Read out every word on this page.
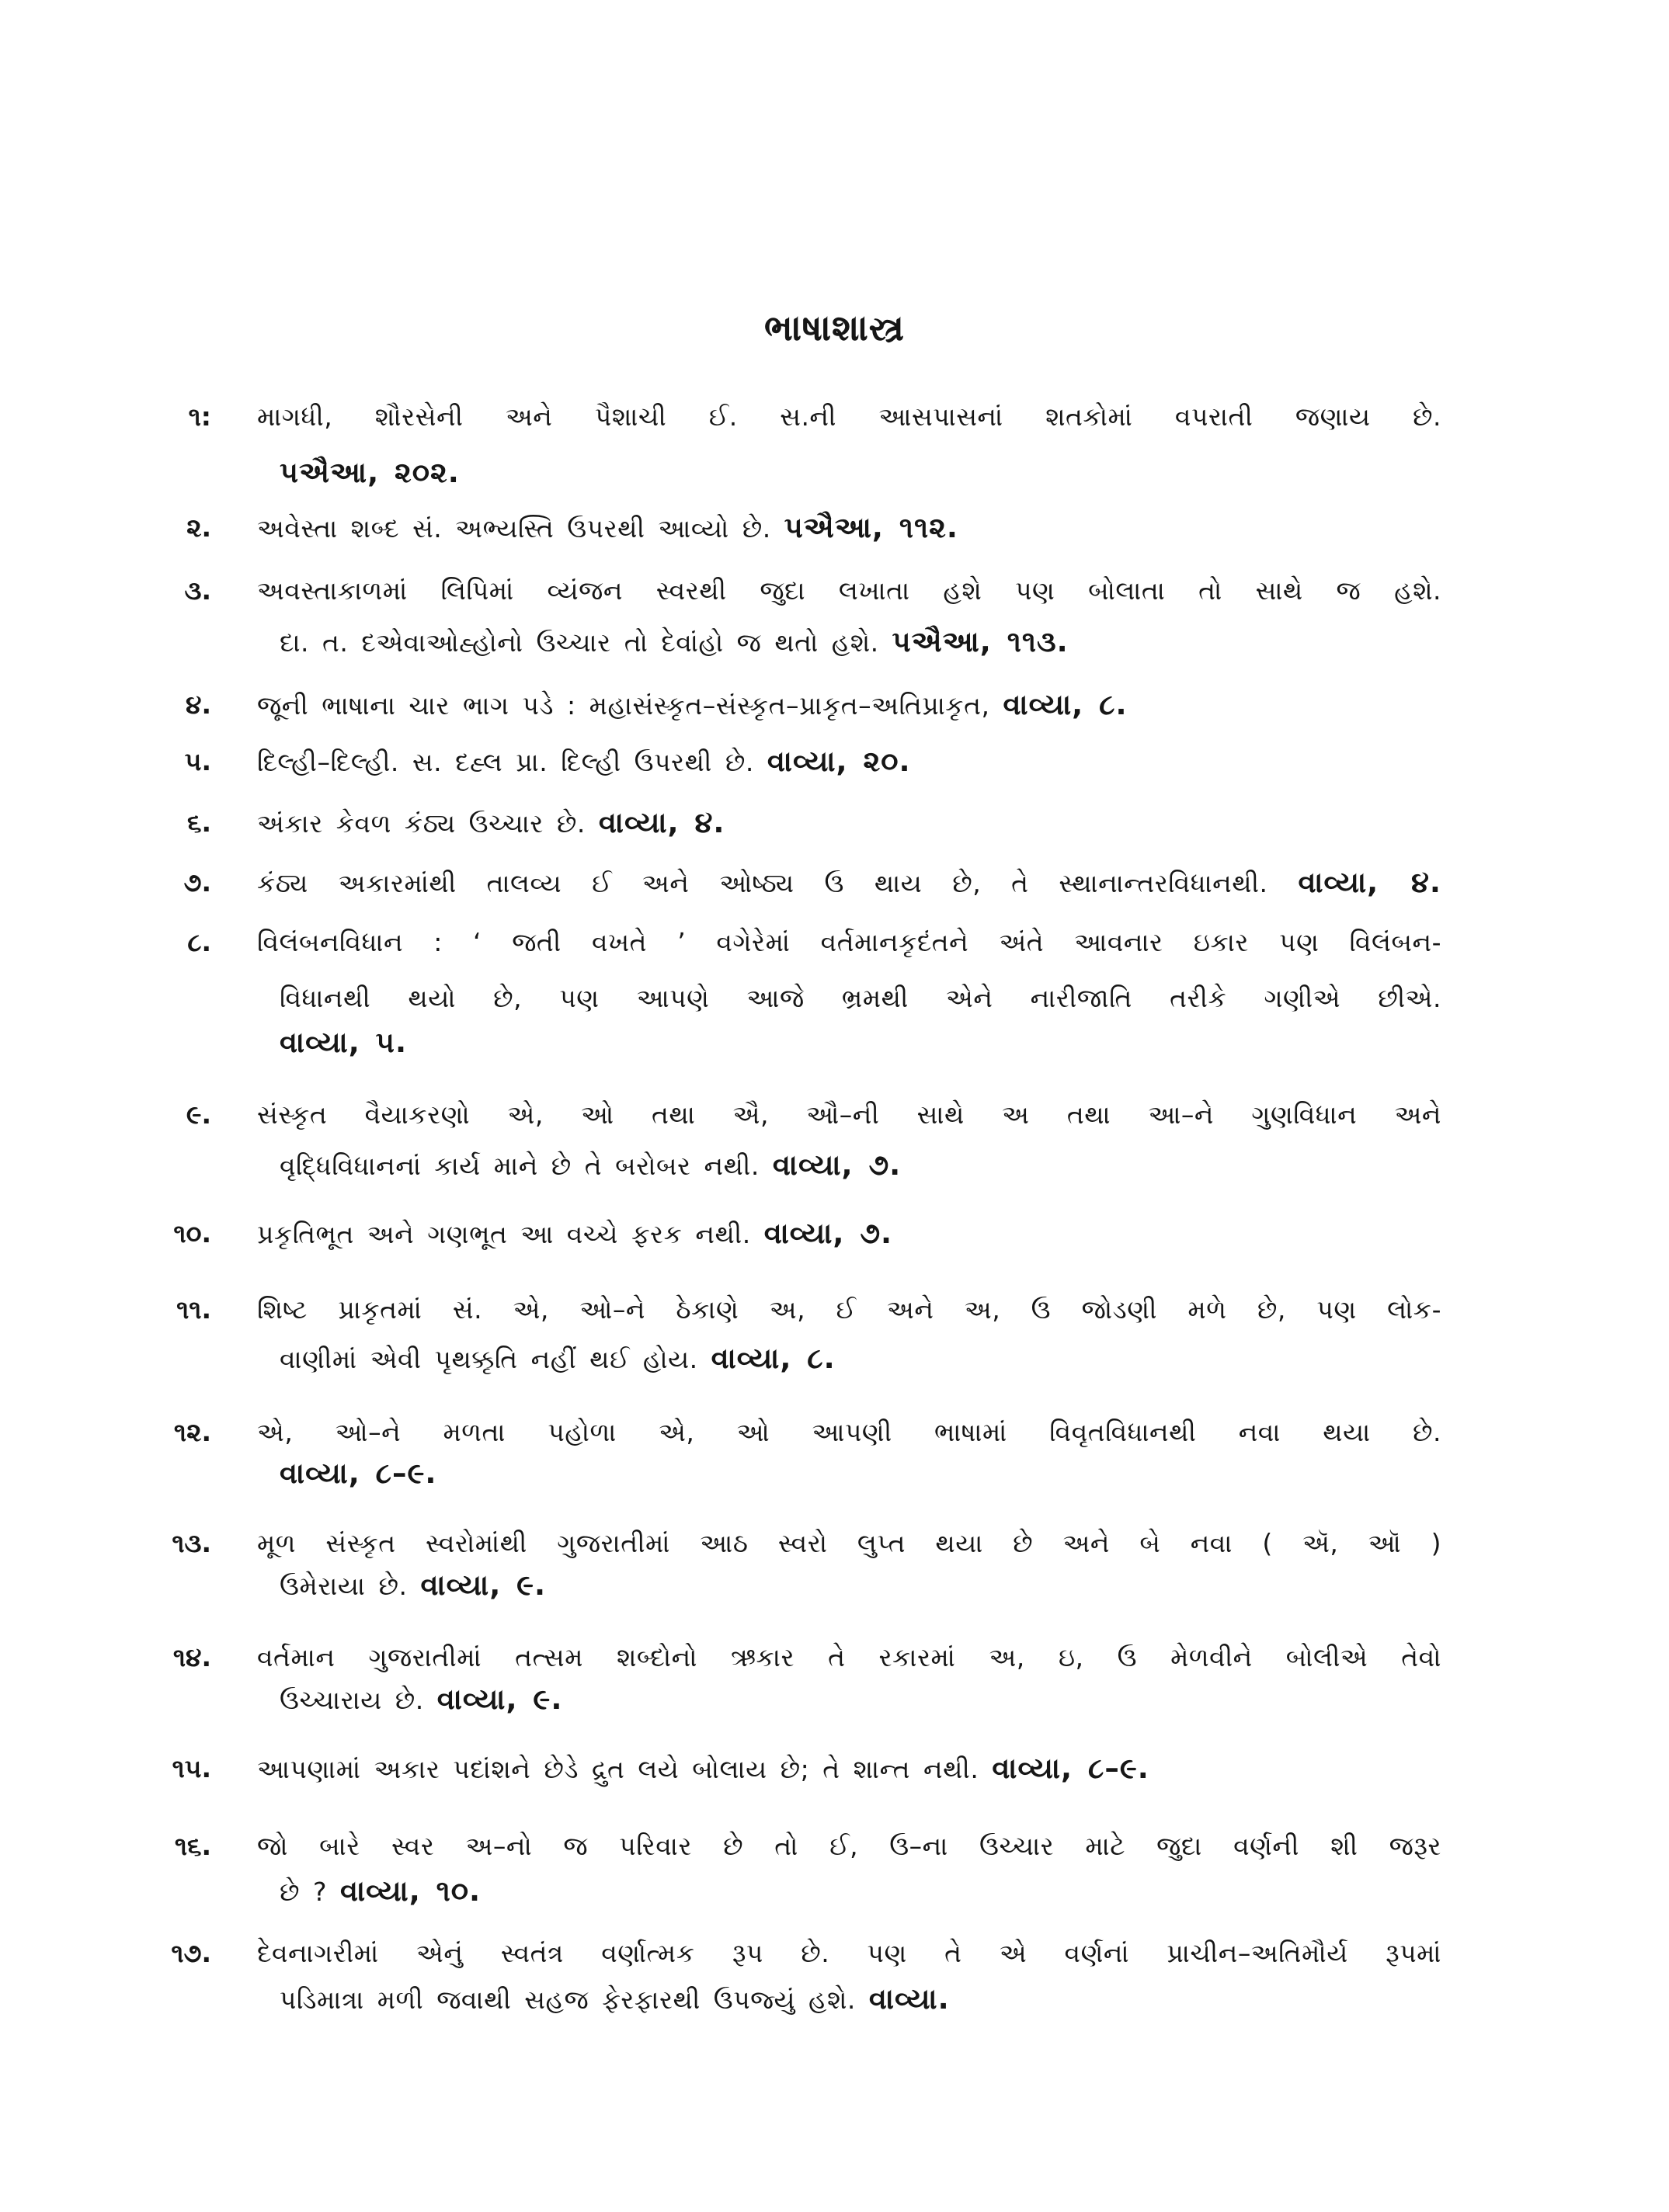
ભાષાશાસ્ત્ર
૧: માગધી, શૌરસેની અને પૈશાચી ઈ. સ.ની આસપાસનાં શતકોમાં વપરાતી જણાય છે.
પઐઆ, ૨૦૨.
૨. અવેસ્તા શબ્દ સં. અભ્યસ્તિ ઉપરથી આવ્યો છે. પઐઆ, ૧૧૨.
૩. અવસ્તાકાળમાં લિપિમાં વ્યંજન સ્વરથી જુદા લખાતા હશે પણ બોલાતા તો સાથે જ હશે.
દા. ત. દએવાઓહ્હોનો ઉચ્ચાર તો દેવાંહો જ થતો હશે. પઐઆ, ૧૧૩.
૪. જૂની ભાષાના ચાર ભાગ પડે : મહાસંસ્કૃત–સંસ્કૃત–પ્રાકૃત–અતિપ્રાકૃત, વાવ્યા, ૮.
૫. દિલ્હી–દિલ્હી. સ. દહ્લ પ્રા. દિલ્હી ઉપરથી છે. વાવ્યા, ૨૦.
૬. અંકાર કેવળ કંઠ્ય ઉચ્ચાર છે. વાવ્યા, ૪.
૭. કંઠ્ય અકારમાંથી તાલવ્ય ઈ અને ઓષ્ઠ્ય ઉ થાય છે, તે સ્થાનાન્તરવિધાનથી. વાવ્યા, ૪.
૮. વિલંબનવિધાન : ‘ જતી વખતે ’ વગેરેમાં વર્તમાનકૃદંતને અંતે આવનાર ઇકાર પણ વિલંબન-
વિધાનથી થયો છે, પણ આપણે આજે ભ્રમથી એને નારીજાતિ તરીકે ગણીએ છીએ.
વાવ્યા, ૫.
૯. સંસ્કૃત વૈયાકરણો એ, ઓ તથા ઐ, ઔ–ની સાથે અ તથા આ–ને ગુણવિધાન અને
વૃદ્ધિવિધાનનાં કાર્ય માને છે તે બરોબર નથી. વાવ્યા, ૭.
૧૦. પ્રકૃતિભૂત અને ગણભૂત આ વચ્ચે ફરક નથી. વાવ્યા, ૭.
૧૧. શિષ્ટ પ્રાકૃતમાં સં. એ, ઓ–ને ઠેકાણે અ, ઈ અને અ, ઉ જોડણી મળે છે, પણ લોક-
વાણીમાં એવી પૃથક્કૃતિ નહીં થઈ હોય. વાવ્યા, ૮.
૧૨. એ, ઓ–ને મળતા પહોળા એ, ઓ આપણી ભાષામાં વિવૃતવિધાનથી નવા થયા છે.
વાવ્યા, ૮–૯.
૧૩. મૂળ સંસ્કૃત સ્વરોમાંથી ગુજરાતીમાં આઠ સ્વરો લુપ્ત થયા છે અને બે નવા ( ઍ, ઑ )
ઉમેરાયા છે. વાવ્યા, ૯.
૧૪. વર્તમાન ગુજરાતીમાં તત્સમ શબ્દોનો ઋકાર તે રકારમાં અ, ઇ, ઉ મેળવીને બોલીએ તેવો
ઉચ્ચારાય છે. વાવ્યા, ૯.
૧૫. આપણામાં અકાર પદાંશને છેડે દ્રુત લયે બોલાય છે; તે શાન્ત નથી. વાવ્યા, ૮–૯.
૧૬. જો બારે સ્વર અ–નો જ પરિવાર છે તો ઈ, ઉ–ના ઉચ્ચાર માટે જુદા વર્ણની શી જરૂર
છે ? વાવ્યા, ૧૦.
૧૭. દેવનાગરીમાં એનું સ્વતંત્ર વર્ણાત્મક રૂપ છે. પણ તે એ વર્ણનાં પ્રાચીન–અતિમૌર્ય રૂપમાં
પડિમાત્રા મળી જવાથી સહજ ફેરફારથી ઉપજ્યું હશે. વાવ્યા.
